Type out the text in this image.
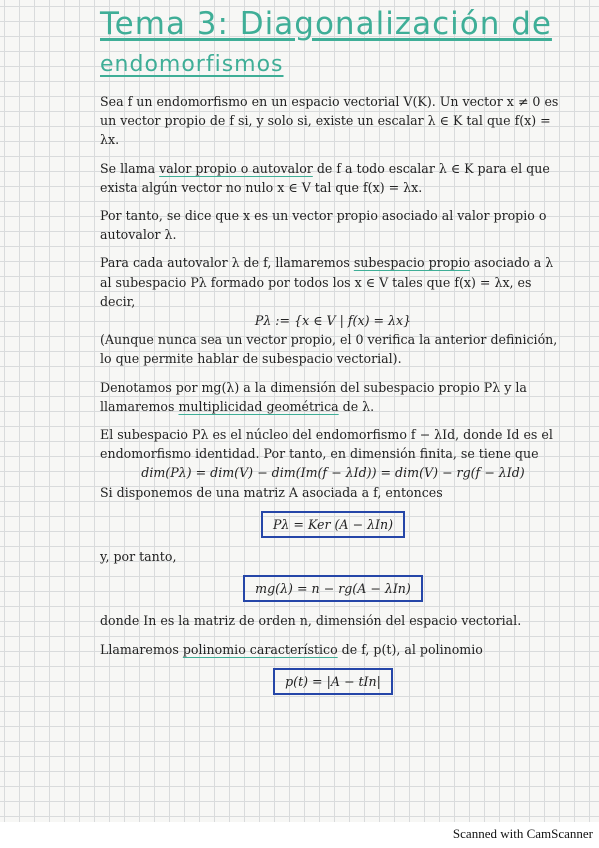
Tema 3: Diagonalización de
endomorfismos

Sea f un endomorfismo en un espacio vectorial V(K). Un vector x ≠ 0 es un vector propio de f si, y solo si, existe un escalar λ ∈ K tal que f(x) = λx.

Se llama valor propio o autovalor de f a todo escalar λ ∈ K para el que exista algún vector no nulo x ∈ V tal que f(x) = λx.

Por tanto, se dice que x es un vector propio asociado al valor propio o autovalor λ.

Para cada autovalor λ de f, llamaremos subespacio propio asociado a λ al subespacio Pλ formado por todos los x ∈ V tales que f(x) = λx, es decir,

Pλ := {x ∈ V | f(x) = λx}
(Aunque nunca sea un vector propio, el 0 verifica la anterior definición, lo que permite hablar de subespacio vectorial).

Denotamos por mg(λ) a la dimensión del subespacio propio Pλ y la llamaremos multiplicidad geométrica de λ.

El subespacio Pλ es el núcleo del endomorfismo f − λId, donde Id es el endomorfismo identidad. Por tanto, en dimensión finita, se tiene que

dim(Pλ) = dim(V) − dim(Im(f − λId)) = dim(V) − rg(f − λId)
Si disponemos de una matriz A asociada a f, entonces

Pλ = Ker (A − λIn)

y, por tanto,

mg(λ) = n − rg(A − λIn)

donde In es la matriz de orden n, dimensión del espacio vectorial.

Llamaremos polinomio característico de f, p(t), al polinomio

p(t) = |A − tIn|
Scanned with CamScanner
